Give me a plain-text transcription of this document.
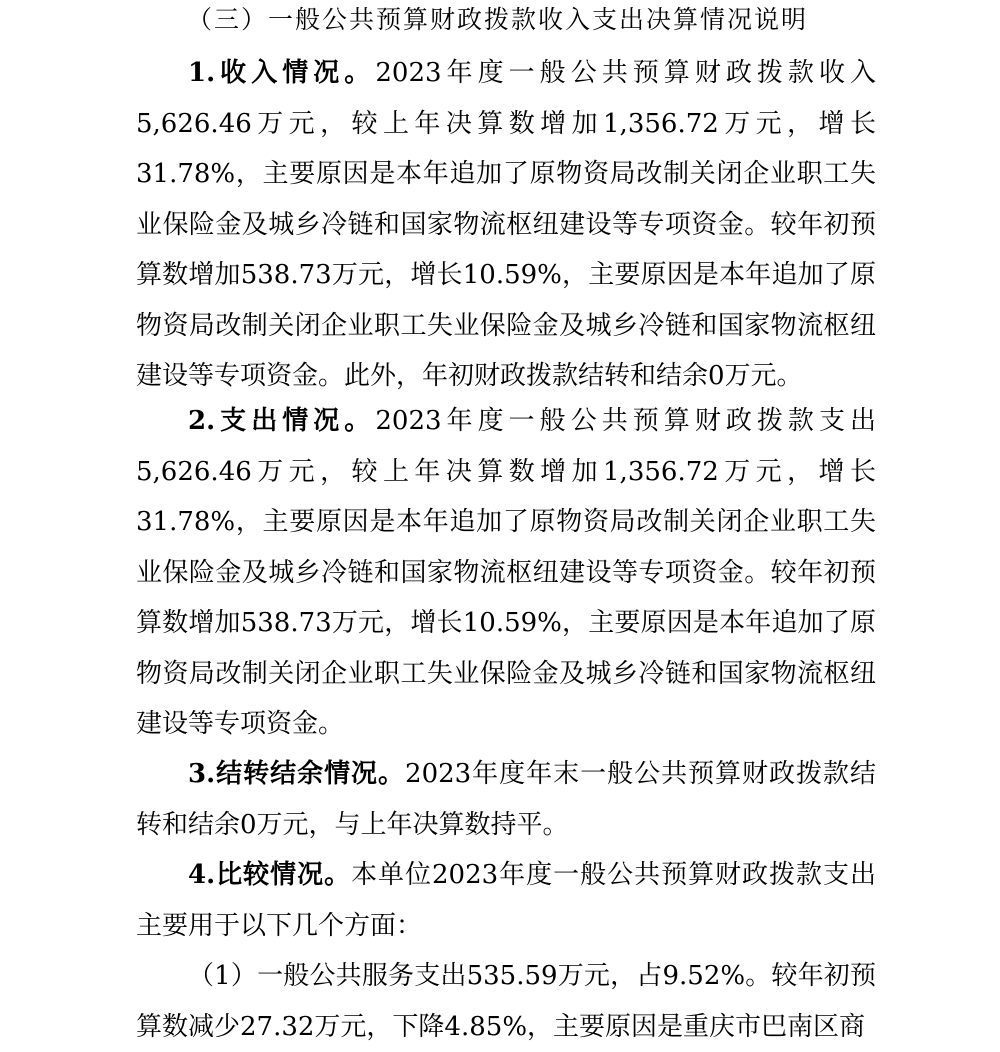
（三）一般公共预算财政拨款收入支出决算情况说明

1.收入情况。2023年度一般公共预算财政拨款收入5,626.46万元，较上年决算数增加1,356.72万元，增长31.78%，主要原因是本年追加了原物资局改制关闭企业职工失业保险金及城乡冷链和国家物流枢纽建设等专项资金。较年初预算数增加538.73万元，增长10.59%，主要原因是本年追加了原物资局改制关闭企业职工失业保险金及城乡冷链和国家物流枢纽建设等专项资金。此外，年初财政拨款结转和结余0万元。

2.支出情况。2023年度一般公共预算财政拨款支出5,626.46万元，较上年决算数增加1,356.72万元，增长31.78%，主要原因是本年追加了原物资局改制关闭企业职工失业保险金及城乡冷链和国家物流枢纽建设等专项资金。较年初预算数增加538.73万元，增长10.59%，主要原因是本年追加了原物资局改制关闭企业职工失业保险金及城乡冷链和国家物流枢纽建设等专项资金。

3.结转结余情况。2023年度年末一般公共预算财政拨款结转和结余0万元，与上年决算数持平。

4.比较情况。本单位2023年度一般公共预算财政拨款支出主要用于以下几个方面：

（1）一般公共服务支出535.59万元，占9.52%。较年初预算数减少27.32万元，下降4.85%，主要原因是重庆市巴南区商
